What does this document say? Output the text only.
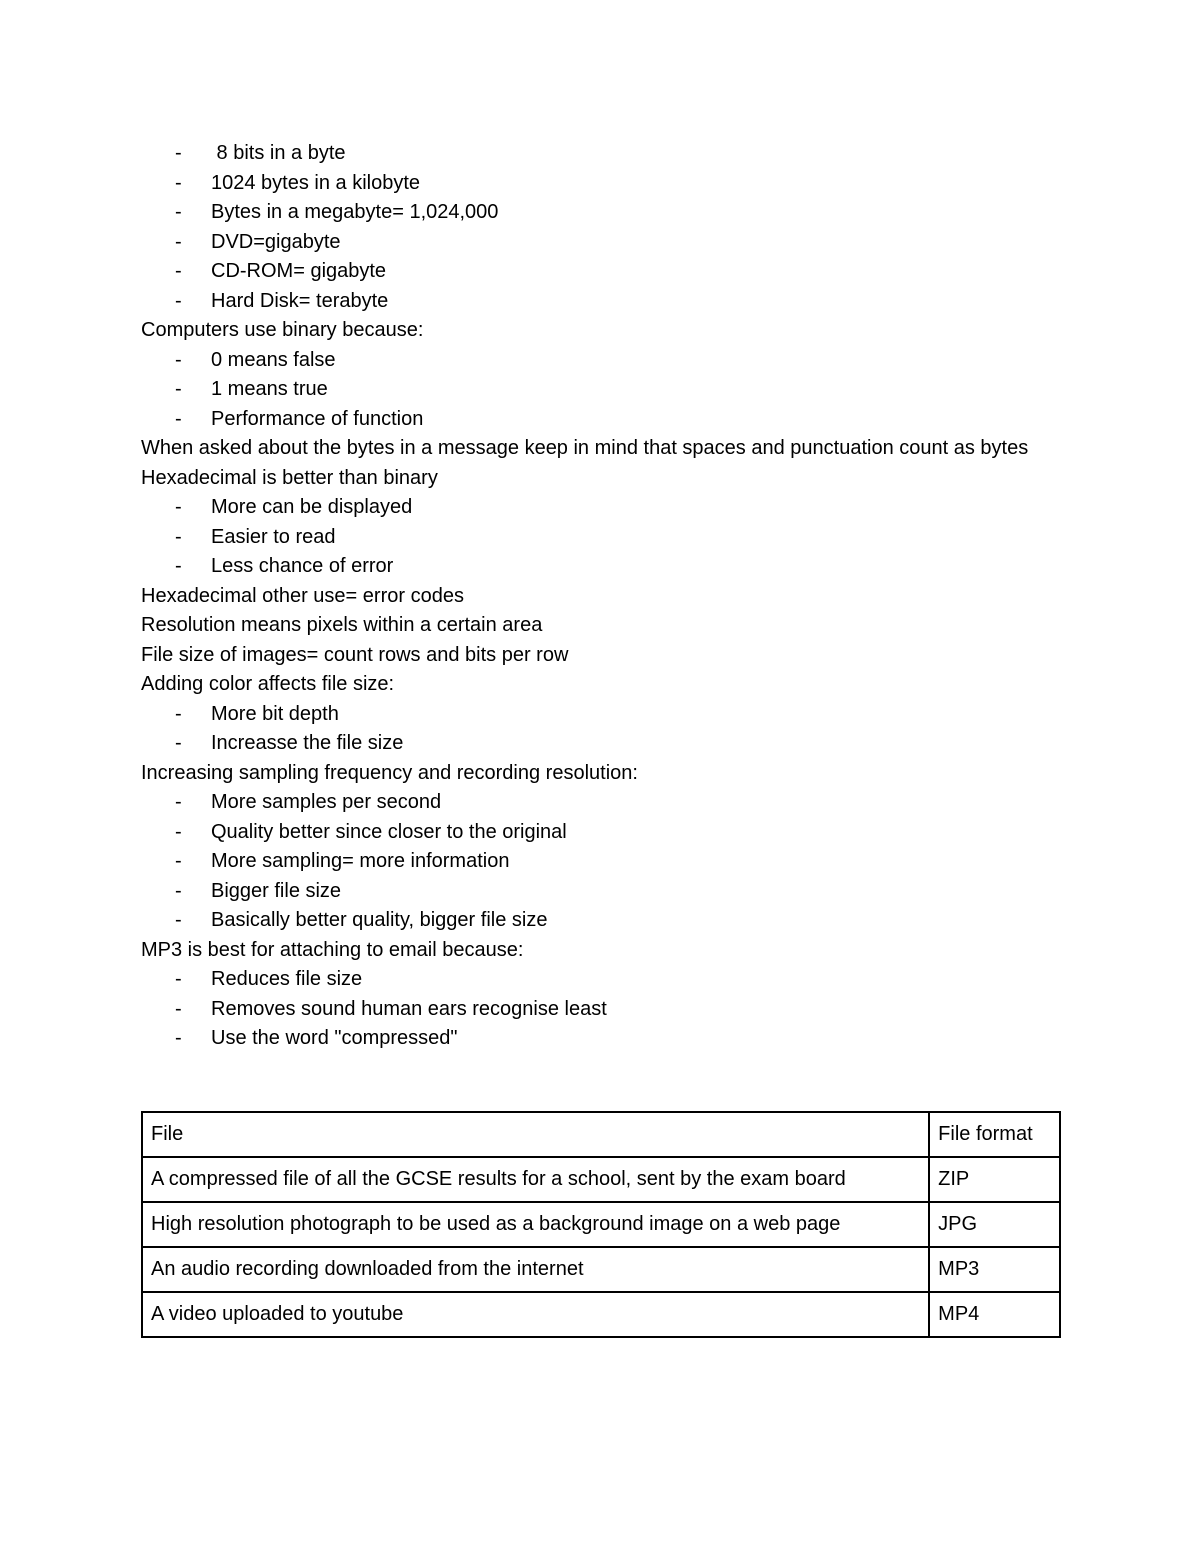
- 8 bits in a byte
- 1024 bytes in a kilobyte
- Bytes in a megabyte= 1,024,000
- DVD=gigabyte
- CD-ROM= gigabyte
- Hard Disk= terabyte
Computers use binary because:
- 0 means false
- 1 means true
- Performance of function
When asked about the bytes in a message keep in mind that spaces and punctuation count as bytes
Hexadecimal is better than binary
- More can be displayed
- Easier to read
- Less chance of error
Hexadecimal other use= error codes
Resolution means pixels within a certain area
File size of images= count rows and bits per row
Adding color affects file size:
- More bit depth
- Increasse the file size
Increasing sampling frequency and recording resolution:
- More samples per second
- Quality better since closer to the original
- More sampling= more information
- Bigger file size
- Basically better quality, bigger file size
MP3 is best for attaching to email because:
- Reduces file size
- Removes sound human ears recognise least
- Use the word "compressed"
File	File format
A compressed file of all the GCSE results for a school, sent by the exam board	ZIP
High resolution photograph to be used as a background image on a web page	JPG
An audio recording downloaded from the internet	MP3
A video uploaded to youtube	MP4
